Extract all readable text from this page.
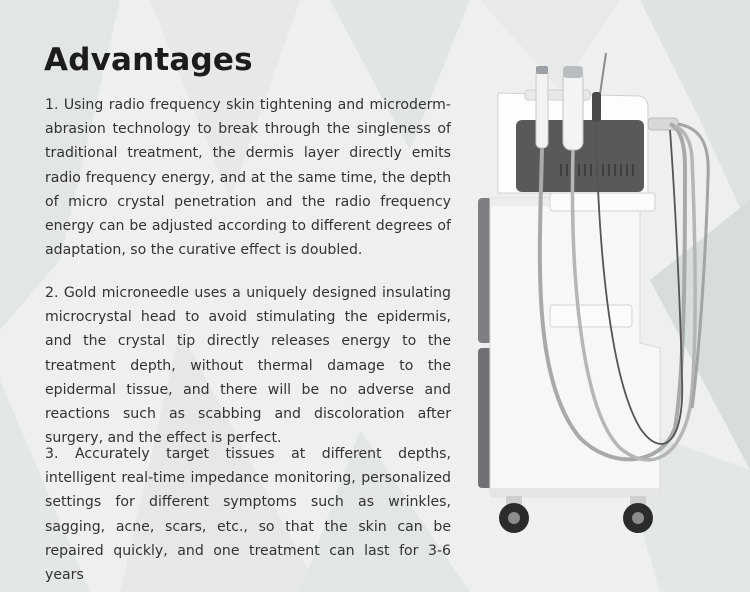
Advantages

1. Using radio frequency skin tightening and microdermabrasion technology to break through the singleness of traditional treatment, the dermis layer directly emits radio frequency energy, and at the same time, the depth of micro crystal penetration and the radio frequency energy can be adjusted according to different degrees of adaptation, so the curative effect is doubled.

2. Gold microneedle uses a uniquely designed insulating microcrystal head to avoid stimulating the epidermis, and the crystal tip directly releases energy to the treatment depth, without thermal damage to the epidermal tissue, and there will be no adverse and reactions such as scabbing and discoloration after surgery, and the effect is perfect.

3. Accurately target tissues at different depths, intelligent real-time impedance monitoring, personalized settings for different symptoms such as wrinkles, sagging, acne, scars, etc., so that the skin can be repaired quickly, and one treatment can last for 3-6 years
